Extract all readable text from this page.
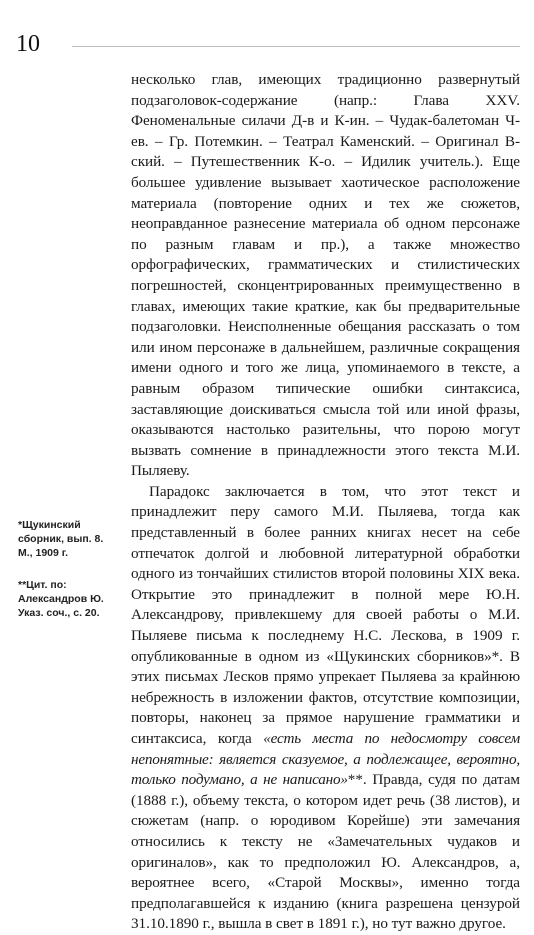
10

несколько глав, имеющих традиционно развернутый подзаголовок-содержание (напр.: Глава XXV. Феноменальные силачи Д-в и К-ин. – Чудак-балетоман Ч-ев. – Гр. Потемкин. – Театрал Каменский. – Оригинал В-ский. – Путешественник К-о. – Идилик учитель.). Еще большее удивление вызывает хаотическое расположение материала (повторение одних и тех же сюжетов, неоправданное разнесение материала об одном персонаже по разным главам и пр.), а также множество орфографических, грамматических и стилистических погрешностей, сконцентрированных преимущественно в главах, имеющих такие краткие, как бы предварительные подзаголовки. Неисполненные обещания рассказать о том или ином персонаже в дальнейшем, различные сокращения имени одного и того же лица, упоминаемого в тексте, а равным образом типические ошибки синтаксиса, заставляющие доискиваться смысла той или иной фразы, оказываются настолько разительны, что порою могут вызвать сомнение в принадлежности этого текста М.И. Пыляеву.

Парадокс заключается в том, что этот текст и принадлежит перу самого М.И. Пыляева, тогда как представленный в более ранних книгах несет на себе отпечаток долгой и любовной литературной обработки одного из тончайших стилистов второй половины XIX века. Открытие это принадлежит в полной мере Ю.Н. Александрову, привлекшему для своей работы о М.И. Пыляеве письма к последнему Н.С. Лескова, в 1909 г. опубликованные в одном из «Щукинских сборников»*. В этих письмах Лесков прямо упрекает Пыляева за крайнюю небрежность в изложении фактов, отсутствие композиции, повторы, наконец за прямое нарушение грамматики и синтаксиса, когда «есть места по недосмотру совсем непонятные: является сказуемое, а подлежащее, вероятно, только подумано, а не написано»**. Правда, судя по датам (1888 г.), объему текста, о котором идет речь (38 листов), и сюжетам (напр. о юродивом Корейше) эти замечания относились к тексту не «Замечательных чудаков и оригиналов», как то предположил Ю. Александров, а, вероятнее всего, «Старой Москвы», именно тогда предполагавшейся к изданию (книга разрешена цензурой 31.10.1890 г., вышла в свет в 1891 г.), но тут важно другое.

*Щукинский
сборник, вып. 8.
М., 1909 г.
**Цит. по:
Александров Ю.
Указ. соч., с. 20.
